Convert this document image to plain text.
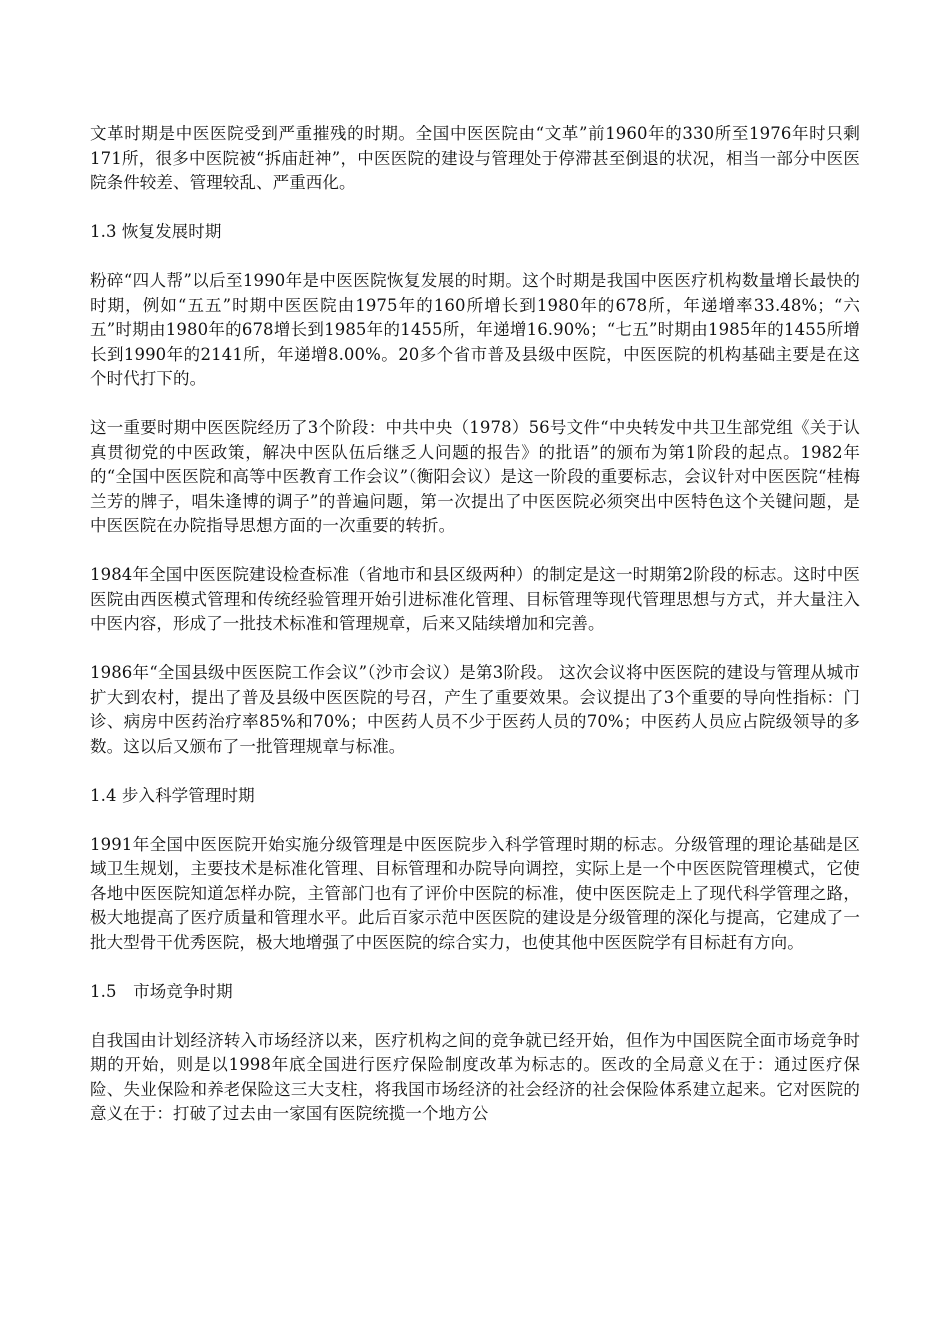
文革时期是中医医院受到严重摧残的时期。全国中医医院由“文革”前1960年的330所至1976年时只剩171所，很多中医院被“拆庙赶神”，中医医院的建设与管理处于停滞甚至倒退的状况，相当一部分中医医院条件较差、管理较乱、严重西化。

1.3 恢复发展时期

粉碎“四人帮”以后至1990年是中医医院恢复发展的时期。这个时期是我国中医医疗机构数量增长最快的时期，例如“五五”时期中医医院由1975年的160所增长到1980年的678所，年递增率33.48%；“六五”时期由1980年的678增长到1985年的1455所，年递增16.90%；“七五”时期由1985年的1455所增长到1990年的2141所，年递增8.00%。20多个省市普及县级中医院，中医医院的机构基础主要是在这个时代打下的。

这一重要时期中医医院经历了3个阶段：中共中央（1978）56号文件“中央转发中共卫生部党组《关于认真贯彻党的中医政策，解决中医队伍后继乏人问题的报告》的批语”的颁布为第1阶段的起点。1982年的“全国中医医院和高等中医教育工作会议”（衡阳会议）是这一阶段的重要标志，会议针对中医医院“桂梅兰芳的牌子，唱朱逢博的调子”的普遍问题，第一次提出了中医医院必须突出中医特色这个关键问题，是中医医院在办院指导思想方面的一次重要的转折。

1984年全国中医医院建设检查标准（省地市和县区级两种）的制定是这一时期第2阶段的标志。这时中医医院由西医模式管理和传统经验管理开始引进标准化管理、目标管理等现代管理思想与方式，并大量注入中医内容，形成了一批技术标准和管理规章，后来又陆续增加和完善。

1986年“全国县级中医医院工作会议”（沙市会议）是第3阶段。 这次会议将中医医院的建设与管理从城市扩大到农村，提出了普及县级中医医院的号召，产生了重要效果。会议提出了3个重要的导向性指标：门诊、病房中医药治疗率85%和70%；中医药人员不少于医药人员的70%；中医药人员应占院级领导的多数。这以后又颁布了一批管理规章与标准。

1.4 步入科学管理时期

1991年全国中医医院开始实施分级管理是中医医院步入科学管理时期的标志。分级管理的理论基础是区域卫生规划，主要技术是标准化管理、目标管理和办院导向调控，实际上是一个中医医院管理模式，它使各地中医医院知道怎样办院，主管部门也有了评价中医院的标准，使中医医院走上了现代科学管理之路，极大地提高了医疗质量和管理水平。此后百家示范中医医院的建设是分级管理的深化与提高，它建成了一批大型骨干优秀医院，极大地增强了中医医院的综合实力，也使其他中医医院学有目标赶有方向。

1.5　市场竞争时期

自我国由计划经济转入市场经济以来，医疗机构之间的竞争就已经开始，但作为中国医院全面市场竞争时期的开始，则是以1998年底全国进行医疗保险制度改革为标志的。医改的全局意义在于：通过医疗保险、失业保险和养老保险这三大支柱，将我国市场经济的社会经济的社会保险体系建立起来。它对医院的意义在于：打破了过去由一家国有医院统揽一个地方公
